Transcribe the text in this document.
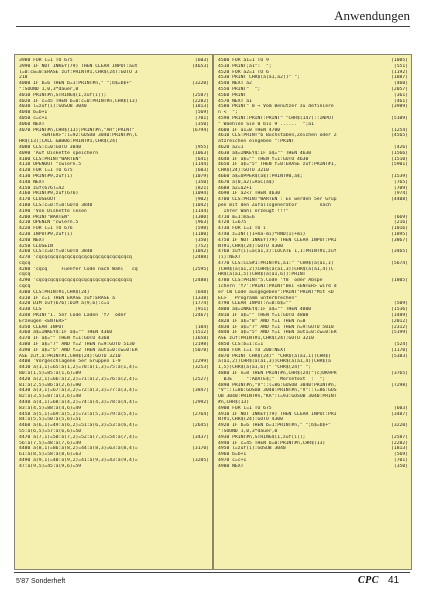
Anwendungen
3980 FOR i=1 TO 675	[603]
3990 IF NOT INKEY(79) THEN CLEAR INPUT:aut	[4653]
l=0:cw=0:ERASE zuf:PRINT#1,CHR$(24):GOTO 3
210
4000 IF b=6 THEN b=1:PRINT#n," ";b$=b$+"	[3220]
":SOUND 1,0,3*dauer,0
4010 PRINT#n,STRING$(1,zuf(i));	[2587]
4020 IF c=45 THEN b=0:c=0:PRINT#n,CHR$(13)	[2282]
4030 l=zuf(i):GOSUB 3040	[1813]
4040 b=b+1	[569]
4050 c=c+1	[701]
4060 NEXT	[350]
4070 PRINT#n,CHR$(13);PRINT#n,"AR";PRINT"	[6794]
<ENTER>":l=92:GOSUB 3040:PRINT#n,C
HR$(13);CALL &BB06:PRINT#1,CHR$(24)
4080 CLS:c=0:GOTO 3040	[955]
4090 'Auf Diskette speichern	[1063]
4100 CLS:PRINT"WARTEN"	[641]
4110 OPENOUT "cwlern.5	[1144]
4120 FOR i=1 TO 675	[603]
4130 PRINT#9,zuf(i)	[1079]
4140 NEXT	[350]
4150 zuf(676)=42	[821]
4160 PRINT#9,zuf(676)	[1094]
4170 CLOSEOUT	[902]
4180 CLS:c=0:f=0:GOTO 3840	[1042]
4190 'Von Diskette lesen	[1144]
4200 PRINT"WARTEN"	[1300]
4210 OPENIN "cwlern.5	[963]
4220 FOR i=1 TO 676	[598]
4230 INPUT#9,zuf(i)	[1180]
4240 NEXT	[350]
4250 CLOSEIN	[752]
4260 CLS:c=0:f=0:GOTO 3840	[1042]
4270 'cqcqcqcqcqcqcqcqcqcqcqcqcqcqcqcqcq	[2488]
cqcq
4280 'cqcq     Fuenfer Code nach Wahl   cq	[2595]
cqcq
4290 'cqcqcqcqcqcqcqcqcqcqcqcqcqcqcqcqcq	[2488]
cqcq
4300 CLS:PRINT#1,CHR$(24)	[648]
4310 IF c=1 THEN ERASE zuf:ERASE a	[1338]
4320 DIM zuf(676):DIM a(9,6):c=1	[1774]
4330 CLS	[911]
4340 PRINT"1. 5er Code Laden 'f7  oder	[2467]
Erzeugen <ENTER>"
4350 CLEAR INPUT	[184]
4360 a$=INKEY$:IF a$="" THEN 4360	[1512]
4370 IF a$="" THEN f=1:GOTO 4360	[1658]
4380 IF a$="7" AND f=2 THEN n=9:GOTO 5130	[2198]
4390 IF a$="5" AND f=2 THEN aut1=0:cw=0:ER	[5078]
ASE zuf,a:PRINT#1,CHR$(24):GOTO 3210
4400 'Vorgeschlagene 5er Gruppen 1-9	[2299]
4410 a(1,1)=65:a(1,2)=70:a(1,3)=75:a(1,4)=	[3253]
80:a(1,5)=85:a(1,6)=89
4420 a(2,1)=66:a(2,2)=71:a(2,3)=76:a(2,4)=	[2527]
81:a(2,5)=86:a(2,6)=90
4430 a(3,1)=67:a(3,2)=72:a(3,3)=77:a(3,4)=	[3847]
82:a(3,5)=87:a(3,6)=48
4440 a(4,1)=68:a(4,2)=74:a(4,3)=78:a(4,4)=	[2992]
83:a(4,5)=88:a(4,6)=49
4450 a(5,1)=69:a(5,2)=73:a(5,3)=79:a(5,4)=	[2764]
84:a(5,5)=50:a(5,6)=51
4460 a(6,1)=49:a(6,2)=51:a(6,3)=53:a(6,4)=	[2645]
55:a(6,5)=57:a(6,6)=50
4470 a(7,1)=50:a(7,2)=52:a(7,3)=54:a(7,4)=	[3437]
56:a(7,5)=48:a(7,6)=49
4480 a(8,1)=86:a(8,2)=44:a(8,3)=63:a(8,4)=	[3170]
61:a(8,5)=58:a(8,6)=63
4490 a(9,1)=40:a(9,2)=41:a(9,3)=43:a(9,4)=	[3285]
47:a(9,5)=45:a(9,6)=59
4500 FOR a1=1 TO 9	[1085]
4510 PRINT;a1":  ";	[551]
4520 FOR a2=1 TO 6	[1192]
4530 PRINT CHR$(a(a1,a2))" ";	[1887]
4540 NEXT a2	[460]
4550 PRINT"  ";	[2057]
4560 PRINT	[361]
4570 NEXT a1	[461]
4580 PRINT" 0 → Vom Benutzer zu definiere	[3989]
n <  ";
4590 PRINT:PRINT:PRINT" "CHR$(147)::INPUT	[5109]
" Waehlen Sie 0 bis 9 ......  ";a1
4600 IF a1=0 THEN 4700	[1254]
4610 CLS:PRINT"6 Buchstaben,Zeichen oder Z	[4565]
atzreichen eingeben ":PRINT
4620 a2=1	[426]
4630 a$=INKEY$:IF a$="" THEN 4630	[1566]
4640 IF a$="" THEN f=1:GOTO 4630	[1510]
4650 IF a$="5" THEN f=0:ERASE zuf:PRINT#1,	[5901]
CHR$(24):GOTO 3210
4660 a$=UPPER$(a$):PRINT#0,a$;	[1539]
4670 a(0,a2)=ASC(a$)	[765]
4680 a2=a2+1	[709]
4690 IF a2<7 THEN 4630	[974]
4700 CLS:PRINT"WARTEN : Es werden 5er Grup	[4408]
pen mit den Zufallsgenerator        nach
Ihrer Wahl erzeugt !!!"
4710 m=1:ma=6	[669]
4720 i=675	[216]
4730 FOR i=1 TO i	[1016]
4740 z=INT((1+ma-mi)*RND(1)+mi)	[1895]
4750 IF NOT INKEY(79) THEN CLEAR INPUT:PRI	[3867]
NT#1,CHR$(24):GOTO 4300
4760 zuf(i)=a(a1,z):LOCATE 1,1:PRINT#1,zuf	[3465]
(i):NEXT
4770 CLS:CLS#1:PRINT#1,a1:" "CHR$(a(a1,1)	[5674]
)CHR$(a(a1,2))CHR$(a(a1,3))CHR$(a(a1,4))C
HR$(a(a1,5))CHR$(a(a1,6)):PRINT
4780 CLS:PRINT"5.Code 'f8  oder Abspe	[1805]
ichern 'f7':PRINT:PRINT"Bei <ENTER> wird d
er CW Code ausgegeben":PRINT"PRINT"Mit <D
EL>   Programm unterbrechen"
4790 CLEAR INPUT:n=0:b$=""	[509]
4800 a$=INKEY$:IF a$="" THEN 4800	[1536]
4810 IF a$="" THEN f=1:GOTO 4800	[1489]
4820 IF a$="8" AND f=1 THEN n=8	[2012]
4830 IF a$="7" AND f=1 THEN n=9:GOTO 5010	[2312]
4840 IF a$="5" AND f=1 THEN aut1=0:cw=0:ER	[5199]
ASE zuf:PRINT#1,CHR$(24):GOTO 3210
4850 CLS:b=1:c=1	[524]
4860 FOR i=1 TO 200:NEXT	[1170]
4870 PRINT CHR$(24)" "CHR$(a(a1,1))CHR$(	[5383]
a(a1,2))CHR$(a(a1,3))CHR$(a(a1,4))CHR$(a
1,5))CHR$(a(a1,6))" "CHR$(24)" ";
4880 IF n=8 THEN PRINT#n,CHR$(24)"(c)DK9PR	[3765]
BJE     ":ADATE$;"  Morsetext  :  ";
4890 PRINT#n,"V"::l=86:GOSUB 3040:PRINT#n,	[7298]
"V"::l=86:GOSUB 3040:PRINT#n,"V"::l=86:GOS
UB 3040:PRINT#n,"KA":l=93:GOSUB 3040:PRINT
#n,CHR$(13)
4900 FOR i=1 TO 675	[603]
4910 IF NOT INKEY(79) THEN CLEAR INPUT:PRI	[3487]
NT#1,CHR$(24):GOTO 4300
4920 IF b=6 THEN b=1:PRINT#n," ";b$=b$+"	[3220]
":SOUND 1,0,3*dauer,0
4930 PRINT#n,STRING$(1,zuf(i));	[2587]
4940 IF c=45 THEN b=0:PRINT#n,CHR$(13)	[2282]
4950 l=zuf(i):GOSUB 3040	[1813]
4960 b=b+1	[569]
4970 c=c+1	[701]
4980 NEXT	[350]
5'87 Sonderheft	CPC 41
